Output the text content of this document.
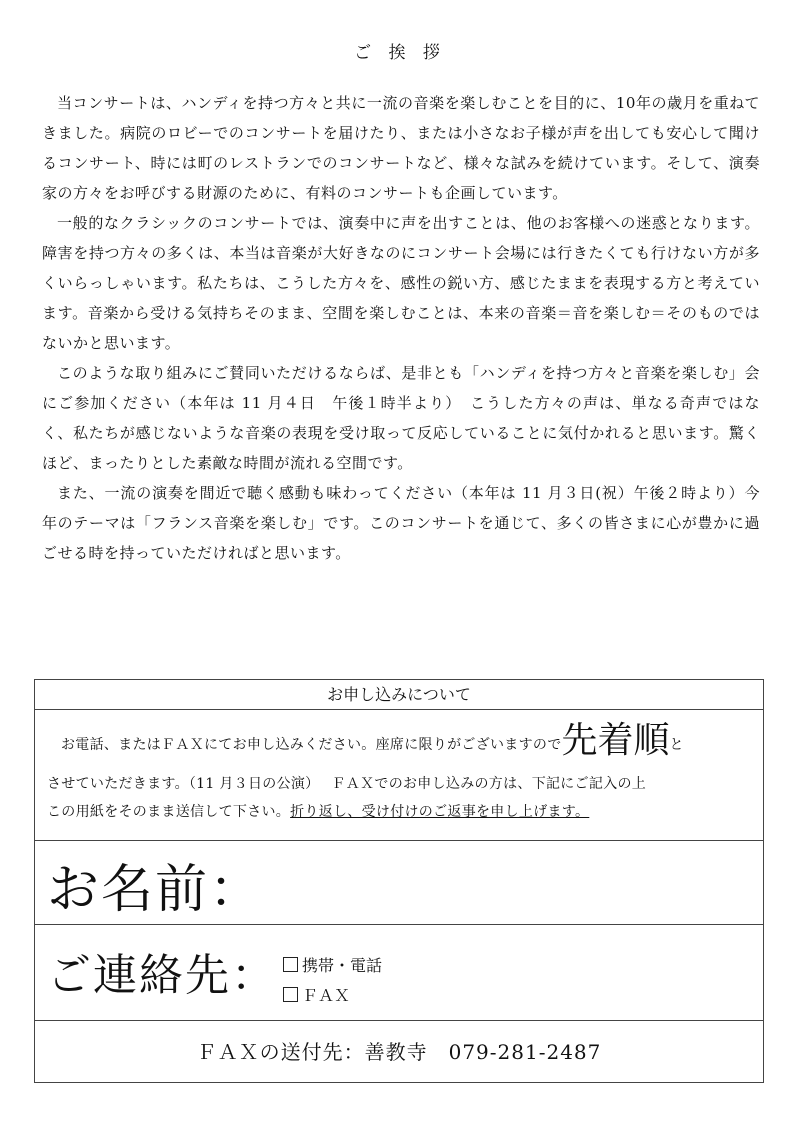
ご 挨 拶

当コンサートは、ハンディを持つ方々と共に一流の音楽を楽しむことを目的に、10年の歳月を重ねてきました。病院のロビーでのコンサートを届けたり、または小さなお子様が声を出しても安心して聞けるコンサート、時には町のレストランでのコンサートなど、様々な試みを続けています。そして、演奏家の方々をお呼びする財源のために、有料のコンサートも企画しています。

一般的なクラシックのコンサートでは、演奏中に声を出すことは、他のお客様への迷惑となります。障害を持つ方々の多くは、本当は音楽が大好きなのにコンサート会場には行きたくても行けない方が多くいらっしゃいます。私たちは、こうした方々を、感性の鋭い方、感じたままを表現する方と考えています。音楽から受ける気持ちそのまま、空間を楽しむことは、本来の音楽＝音を楽しむ＝そのものではないかと思います。

このような取り組みにご賛同いただけるならば、是非とも「ハンディを持つ方々と音楽を楽しむ」会にご参加ください（本年は 11 月４日　午後１時半より）　こうした方々の声は、単なる奇声ではなく、私たちが感じないような音楽の表現を受け取って反応していることに気付かれると思います。驚くほど、まったりとした素敵な時間が流れる空間です。

また、一流の演奏を間近で聴く感動も味わってください（本年は 11 月３日(祝）午後２時より）今年のテーマは「フランス音楽を楽しむ」です。このコンサートを通じて、多くの皆さまに心が豊かに過ごせる時を持っていただければと思います。

お申し込みについて
お電話、またはＦＡＸにてお申し込みください。座席に限りがございますので先着順と
させていただきます。（11 月３日の公演）　 ＦＡＸでのお申し込みの方は、下記にご記入の上
この用紙をそのまま送信して下さい。折り返し、受け付けのご返事を申し上げます。
お名前：
ご連絡先： 携帯・電話
ＦＡＸ
ＦＡＸの送付先：善教寺　079-281-2487
